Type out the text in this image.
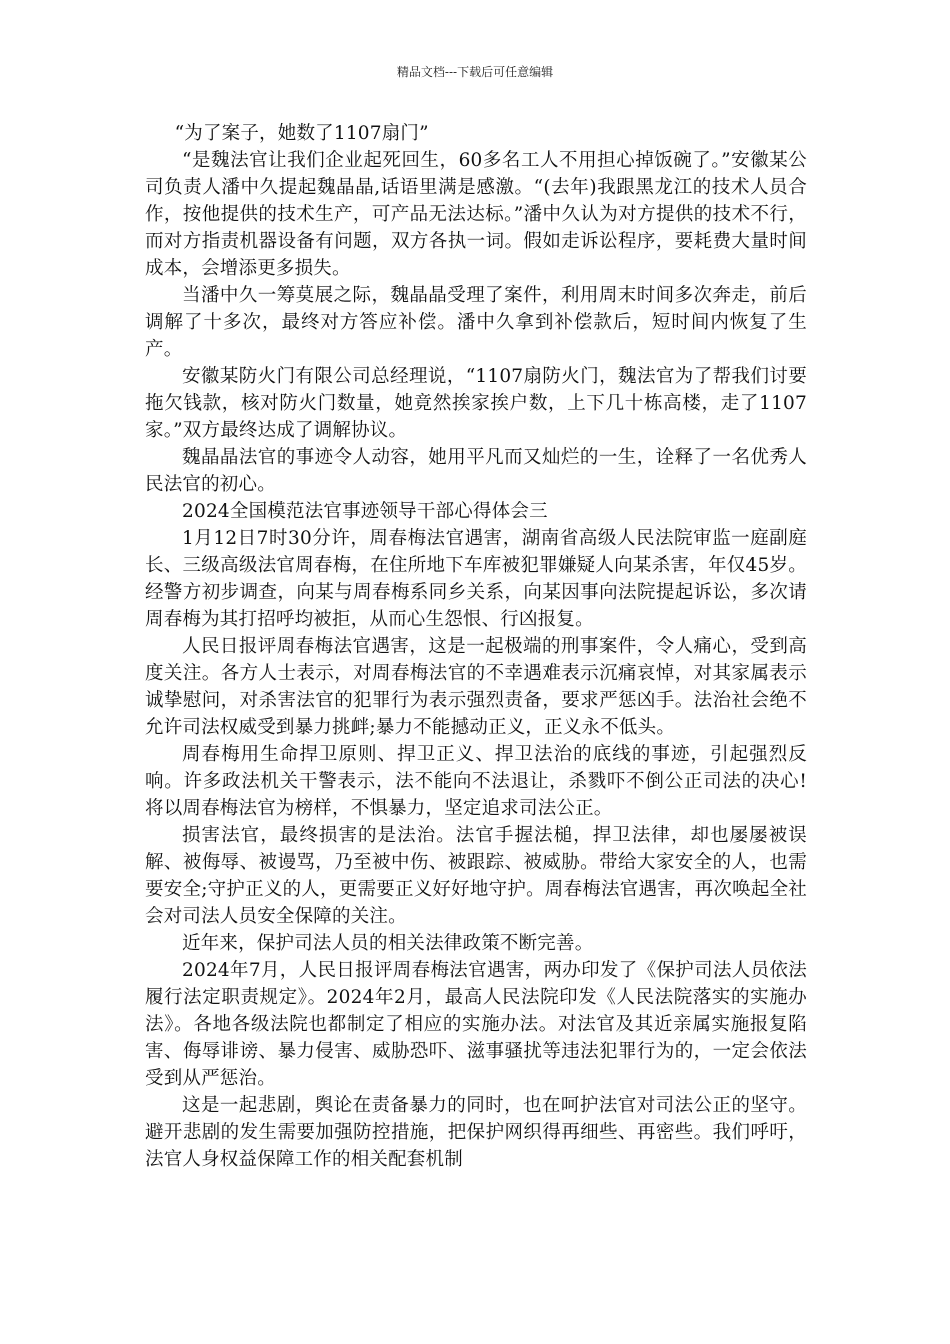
精品文档---下载后可任意编辑

“为了案子，她数了1107扇门”

“是魏法官让我们企业起死回生，60多名工人不用担心掉饭碗了。”安徽某公司负责人潘中久提起魏晶晶,话语里满是感激。“(去年)我跟黑龙江的技术人员合作，按他提供的技术生产，可产品无法达标。”潘中久认为对方提供的技术不行，而对方指责机器设备有问题，双方各执一词。假如走诉讼程序，要耗费大量时间成本，会增添更多损失。

当潘中久一筹莫展之际，魏晶晶受理了案件，利用周末时间多次奔走，前后调解了十多次，最终对方答应补偿。潘中久拿到补偿款后，短时间内恢复了生产。

安徽某防火门有限公司总经理说，“1107扇防火门，魏法官为了帮我们讨要拖欠钱款，核对防火门数量，她竟然挨家挨户数，上下几十栋高楼，走了1107家。”双方最终达成了调解协议。

魏晶晶法官的事迹令人动容，她用平凡而又灿烂的一生，诠释了一名优秀人民法官的初心。

2024全国模范法官事迹领导干部心得体会三

1月12日7时30分许，周春梅法官遇害，湖南省高级人民法院审监一庭副庭长、三级高级法官周春梅，在住所地下车库被犯罪嫌疑人向某杀害，年仅45岁。经警方初步调查，向某与周春梅系同乡关系，向某因事向法院提起诉讼，多次请周春梅为其打招呼均被拒，从而心生怨恨、行凶报复。

人民日报评周春梅法官遇害，这是一起极端的刑事案件，令人痛心，受到高度关注。各方人士表示，对周春梅法官的不幸遇难表示沉痛哀悼，对其家属表示诚挚慰问，对杀害法官的犯罪行为表示强烈责备，要求严惩凶手。法治社会绝不允许司法权威受到暴力挑衅;暴力不能撼动正义，正义永不低头。

周春梅用生命捍卫原则、捍卫正义、捍卫法治的底线的事迹，引起强烈反响。许多政法机关干警表示，法不能向不法退让，杀戮吓不倒公正司法的决心!将以周春梅法官为榜样，不惧暴力，坚定追求司法公正。

损害法官，最终损害的是法治。法官手握法槌，捍卫法律，却也屡屡被误解、被侮辱、被谩骂，乃至被中伤、被跟踪、被威胁。带给大家安全的人，也需要安全;守护正义的人，更需要正义好好地守护。周春梅法官遇害，再次唤起全社会对司法人员安全保障的关注。

近年来，保护司法人员的相关法律政策不断完善。

2024年7月，人民日报评周春梅法官遇害，两办印发了《保护司法人员依法履行法定职责规定》。2024年2月，最高人民法院印发《人民法院落实的实施办法》。各地各级法院也都制定了相应的实施办法。对法官及其近亲属实施报复陷害、侮辱诽谤、暴力侵害、威胁恐吓、滋事骚扰等违法犯罪行为的，一定会依法受到从严惩治。

这是一起悲剧，舆论在责备暴力的同时，也在呵护法官对司法公正的坚守。避开悲剧的发生需要加强防控措施，把保护网织得再细些、再密些。我们呼吁，法官人身权益保障工作的相关配套机制
